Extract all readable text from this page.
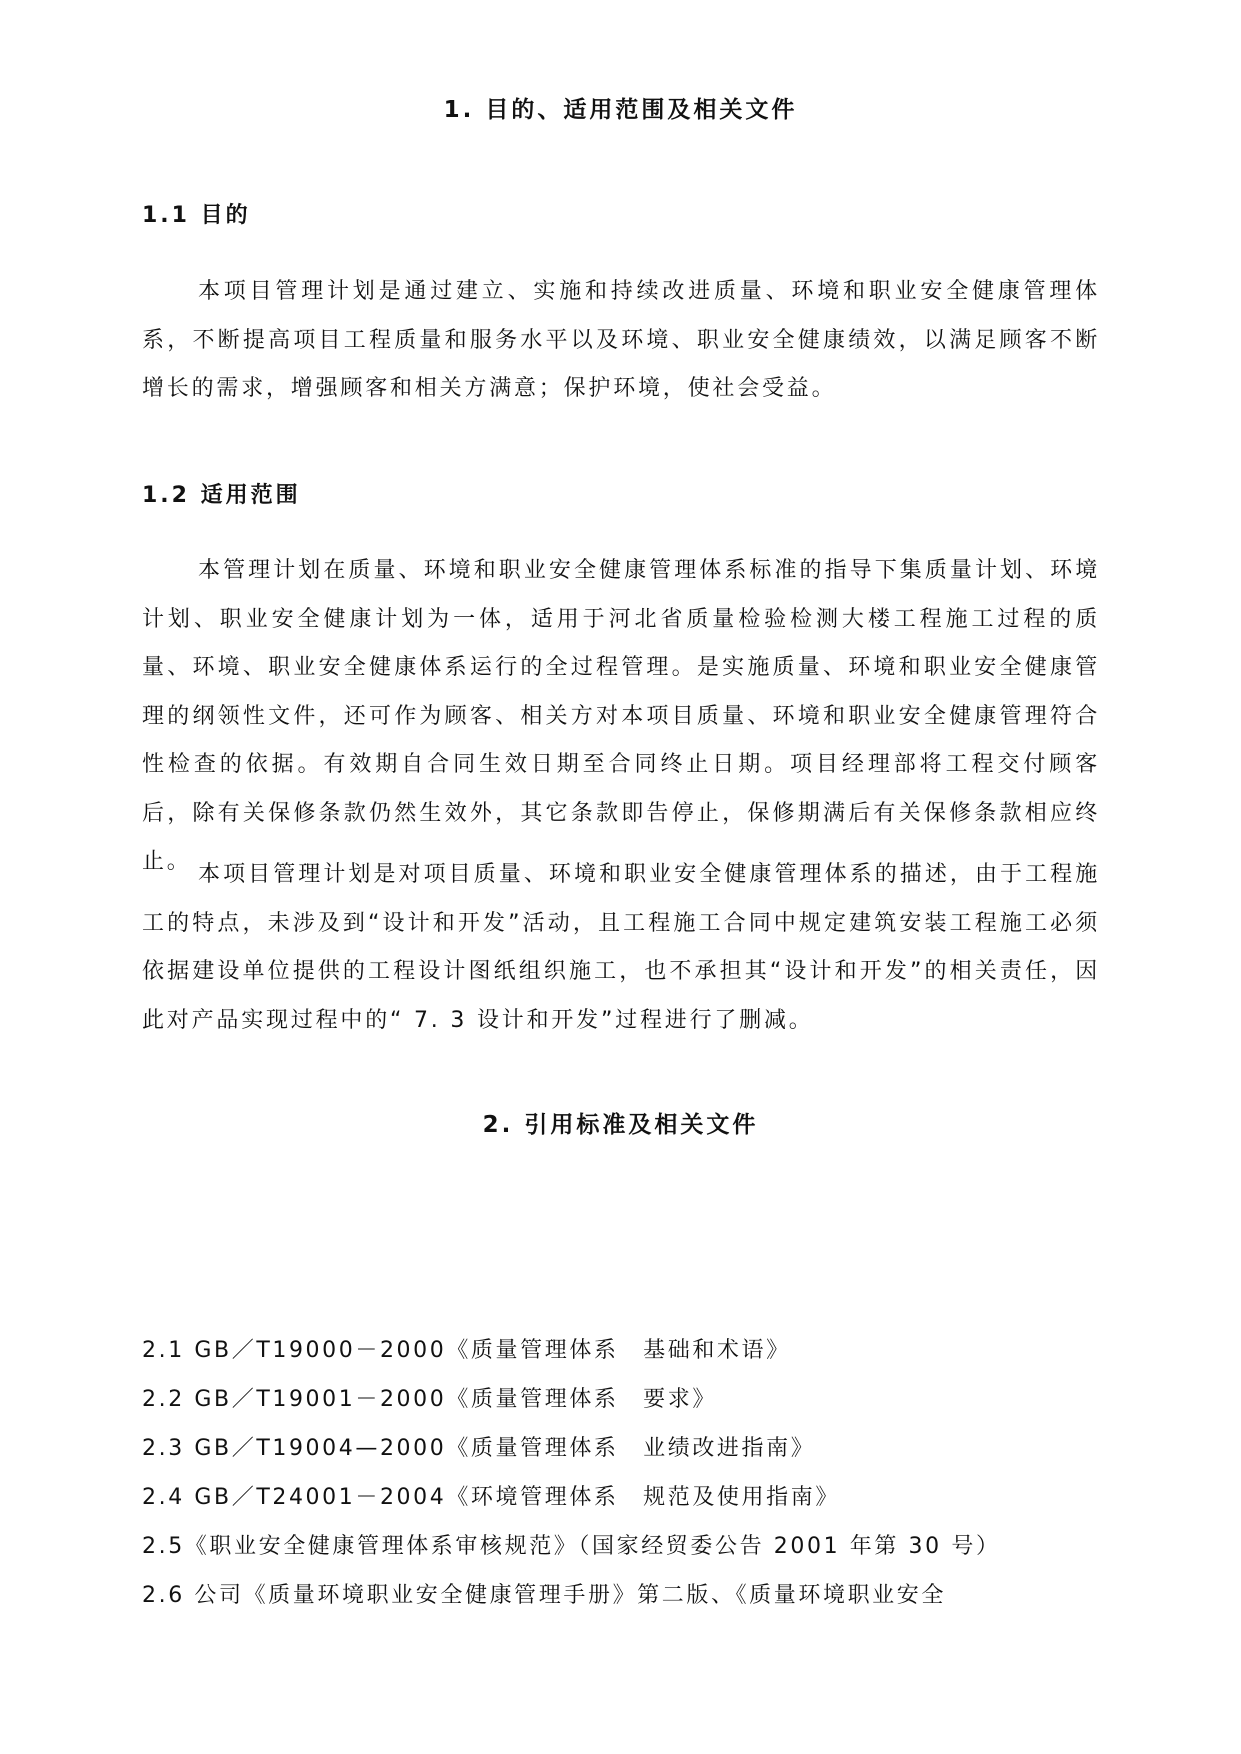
1. 目的、适用范围及相关文件
1.1 目的

本项目管理计划是通过建立、实施和持续改进质量、环境和职业安全健康管理体系，不断提高项目工程质量和服务水平以及环境、职业安全健康绩效，以满足顾客不断增长的需求，增强顾客和相关方满意；保护环境，使社会受益。

1.2 适用范围

本管理计划在质量、环境和职业安全健康管理体系标准的指导下集质量计划、环境计划、职业安全健康计划为一体，适用于河北省质量检验检测大楼工程施工过程的质量、环境、职业安全健康体系运行的全过程管理。是实施质量、环境和职业安全健康管理的纲领性文件，还可作为顾客、相关方对本项目质量、环境和职业安全健康管理符合性检查的依据。有效期自合同生效日期至合同终止日期。项目经理部将工程交付顾客后，除有关保修条款仍然生效外，其它条款即告停止，保修期满后有关保修条款相应终止。

本项目管理计划是对项目质量、环境和职业安全健康管理体系的描述，由于工程施工的特点，未涉及到“设计和开发”活动，且工程施工合同中规定建筑安装工程施工必须依据建设单位提供的工程设计图纸组织施工，也不承担其“设计和开发”的相关责任，因此对产品实现过程中的“ 7. 3 设计和开发”过程进行了删减。

2. 引用标准及相关文件
2.1 GB／T19000－2000《质量管理体系　基础和术语》
2.2 GB／T19001－2000《质量管理体系　要求》
2.3 GB／T19004—2000《质量管理体系　业绩改进指南》
2.4 GB／T24001－2004《环境管理体系　规范及使用指南》
2.5《职业安全健康管理体系审核规范》（国家经贸委公告 2001 年第 30 号）
2.6 公司《质量环境职业安全健康管理手册》第二版、《质量环境职业安全
